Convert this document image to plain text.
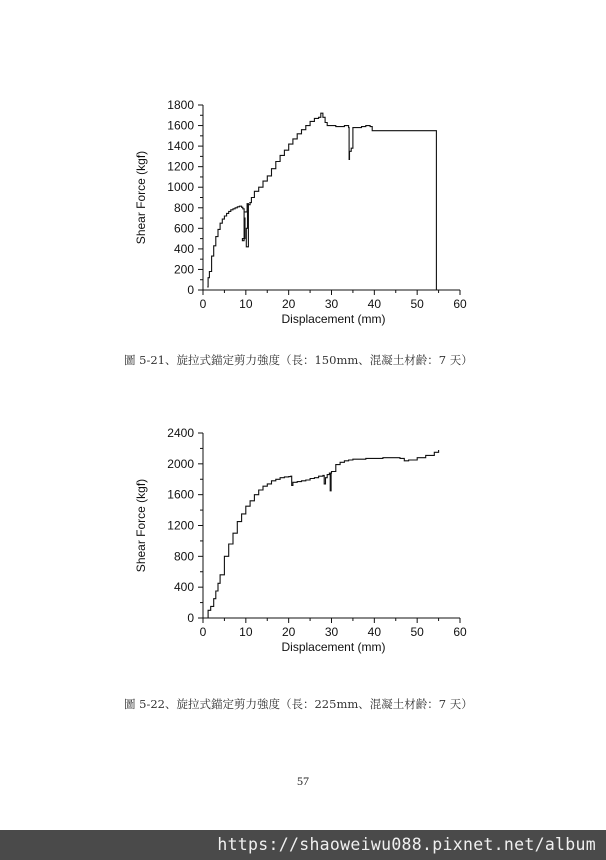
0
200
400
600
800
1000
1200
1400
1600
1800
0	10 20 30 40 50 60
Displacement (mm)
Shear Force (kgf)
圖 5-21、旋拉式錨定剪力強度（長：150mm、混凝土材齡：7 天）
0
400
800
1200
1600
2000
2400
0	10 20 30 40 50 60
Displacement (mm)
Shear Force (kgf)
圖 5-22、旋拉式錨定剪力強度（長：225mm、混凝土材齡：7 天）
57
https://shaoweiwu088.pixnet.net/album
